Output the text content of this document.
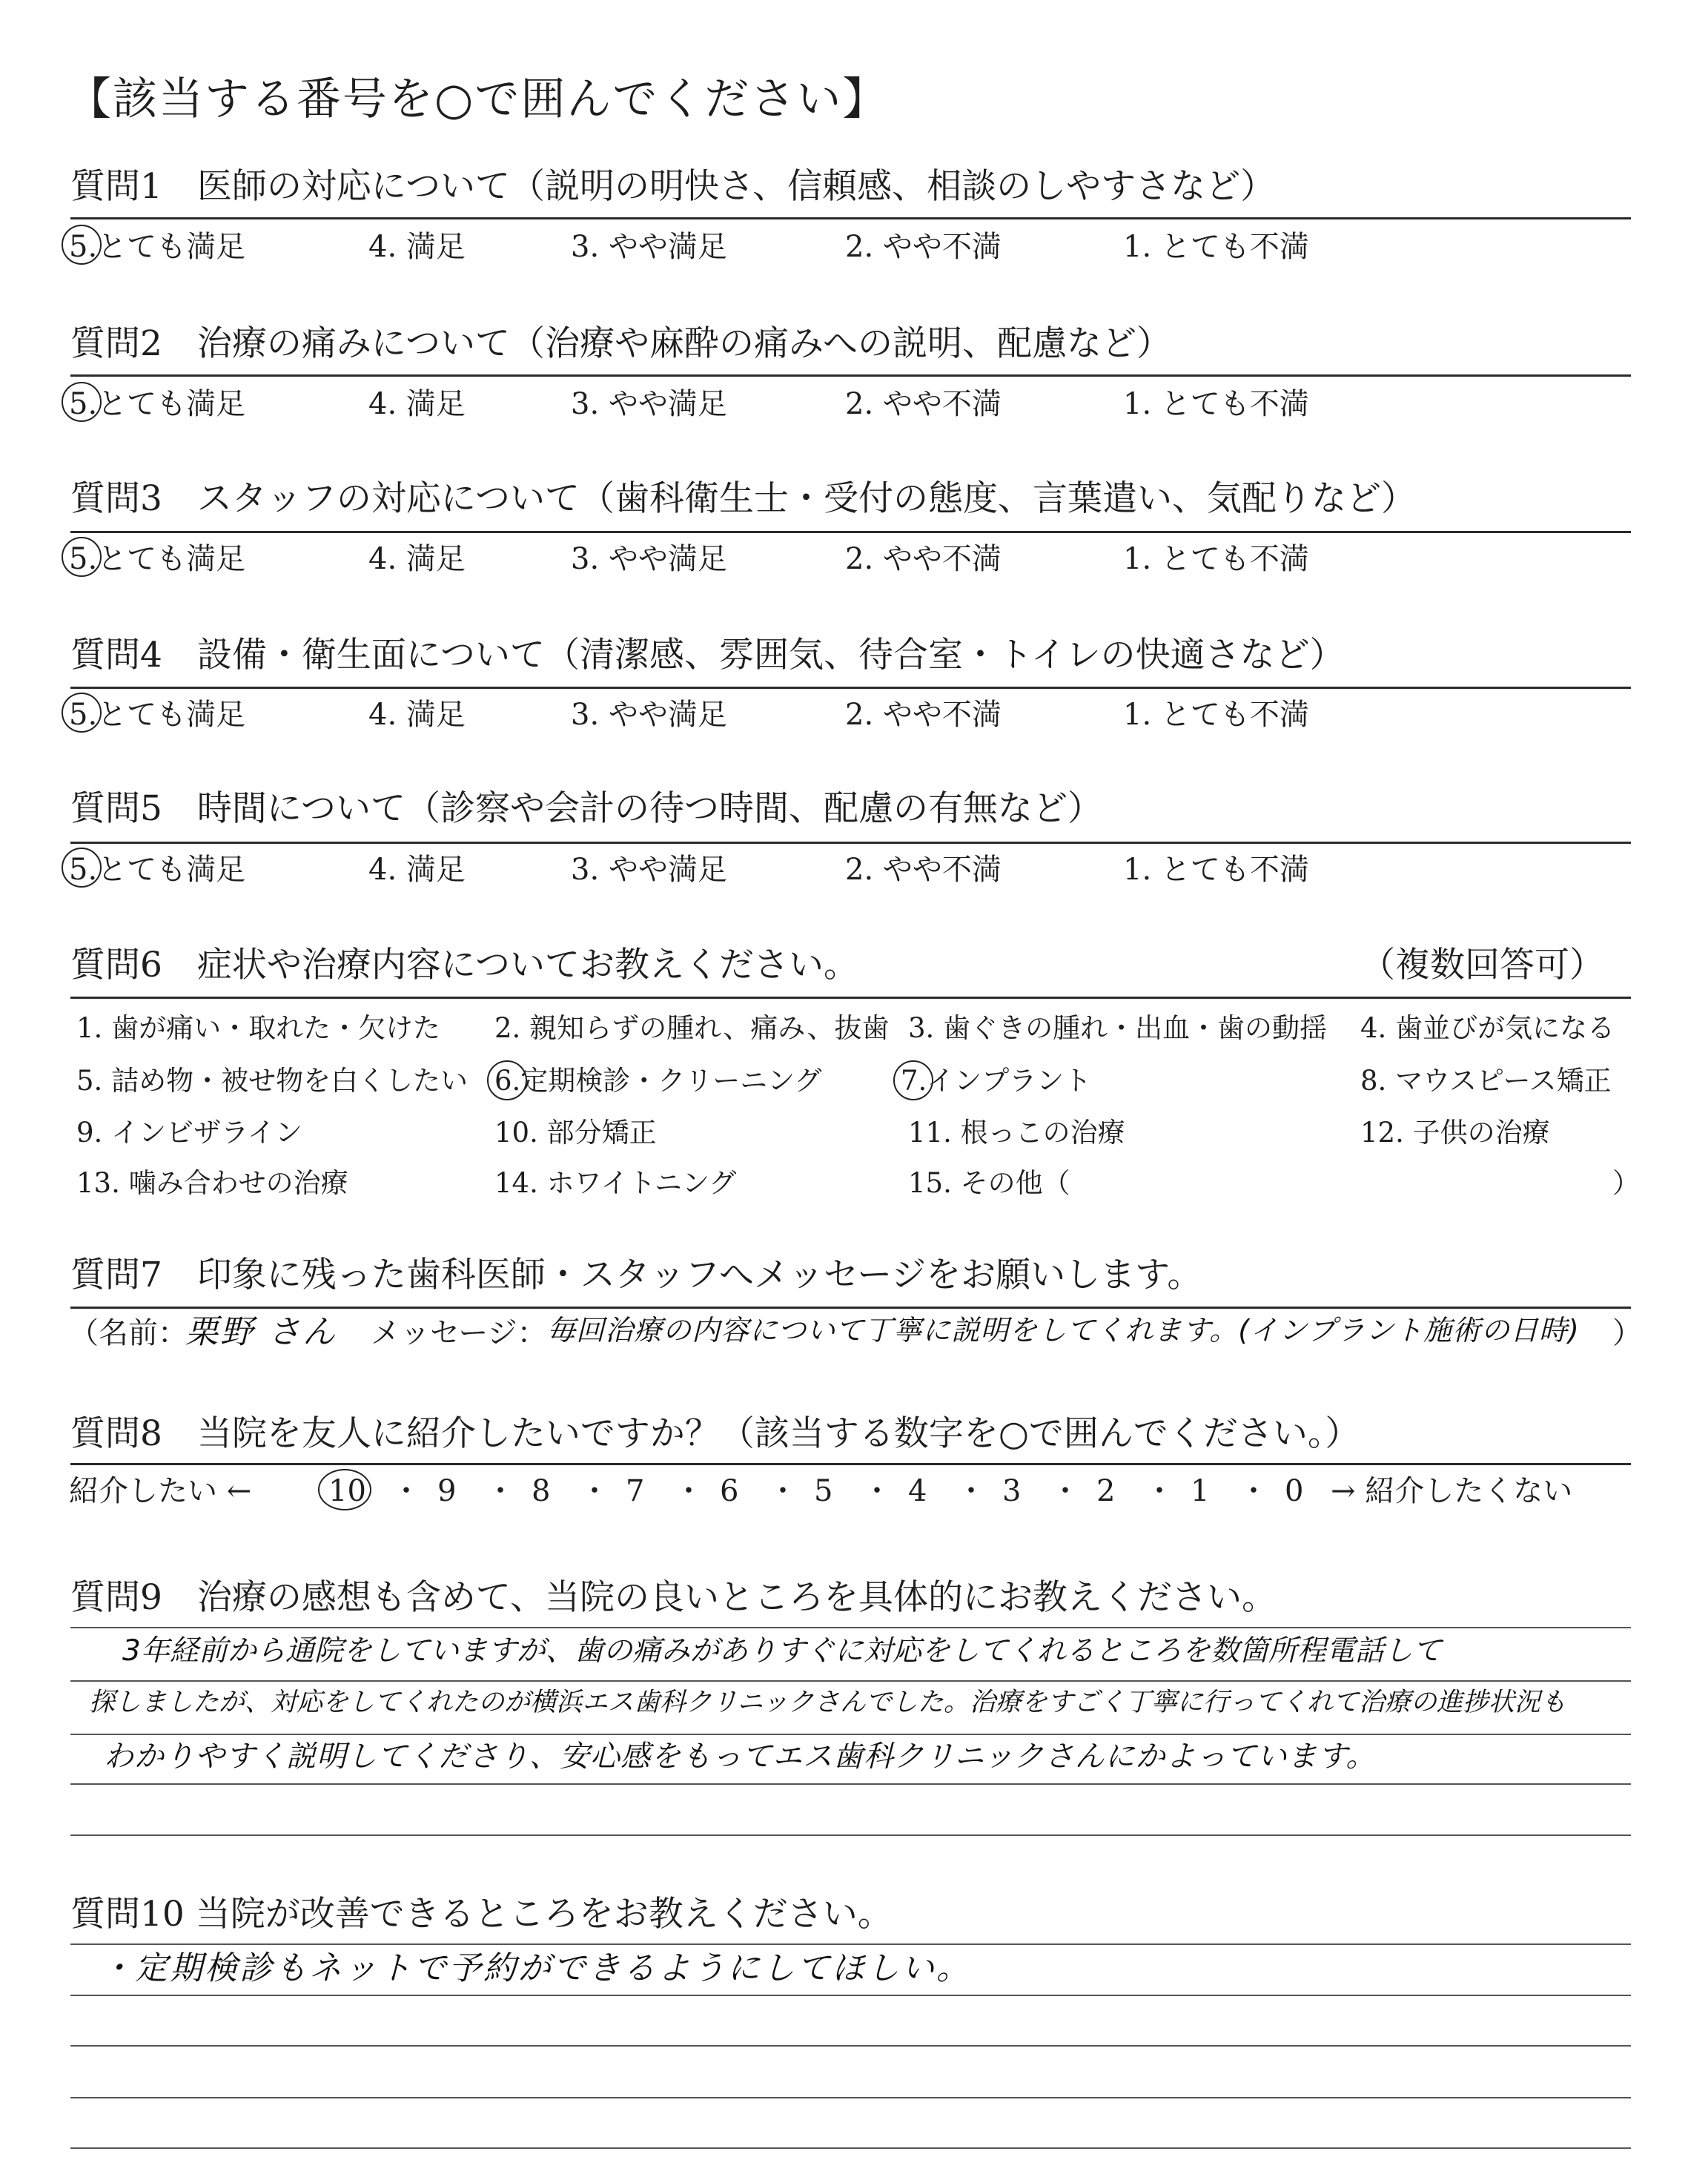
【該当する番号を○で囲んでください】
質問1　医師の対応について（説明の明快さ、信頼感、相談のしやすさなど）
5.とても満足	4. 満足	3. やや満足	2. やや不満	1. とても不満
質問2　治療の痛みについて（治療や麻酔の痛みへの説明、配慮など）
5.とても満足	4. 満足	3. やや満足	2. やや不満	1. とても不満
質問3　スタッフの対応について（歯科衛生士・受付の態度、言葉遣い、気配りなど）
5.とても満足	4. 満足	3. やや満足	2. やや不満	1. とても不満
質問4　設備・衛生面について（清潔感、雰囲気、待合室・トイレの快適さなど）
5.とても満足	4. 満足	3. やや満足	2. やや不満	1. とても不満
質問5　時間について（診察や会計の待つ時間、配慮の有無など）
5.とても満足	4. 満足	3. やや満足	2. やや不満	1. とても不満
質問6　症状や治療内容についてお教えください。	（複数回答可）
1. 歯が痛い・取れた・欠けた 2. 親知らずの腫れ、痛み、抜歯 3. 歯ぐきの腫れ・出血・歯の動揺 4. 歯並びが気になる
5. 詰め物・被せ物を白くしたい 6.定期検診・クリーニング	7.インプラント	8. マウスピース矯正
9. インビザライン	10. 部分矯正	11. 根っこの治療	12. 子供の治療
13. 噛み合わせの治療	14. ホワイトニング	15. その他（	）
質問7　印象に残った歯科医師・スタッフへメッセージをお願いします。
（名前：
栗野 さん メッセージ： 毎回治療の内容について丁寧に説明をしてくれます。(インプラント施術の日時) ）
質問8　当院を友人に紹介したいですか？（該当する数字を○で囲んでください。）
紹介したい ←	10 ・ 9 ・ 8 ・ 7 ・ 6 ・ 5 ・ 4 ・ 3 ・ 2 ・ 1 ・ 0 → 紹介したくない
質問9　治療の感想も含めて、当院の良いところを具体的にお教えください。
3年経前から通院をしていますが、歯の痛みがありすぐに対応をしてくれるところを数箇所程電話して
探しましたが、対応をしてくれたのが横浜エス歯科クリニックさんでした。治療をすごく丁寧に行ってくれて治療の進捗状況も
わかりやすく説明してくださり、安心感をもってエス歯科クリニックさんにかよっています。
質問10 当院が改善できるところをお教えください。
・定期検診もネットで予約ができるようにしてほしい。
